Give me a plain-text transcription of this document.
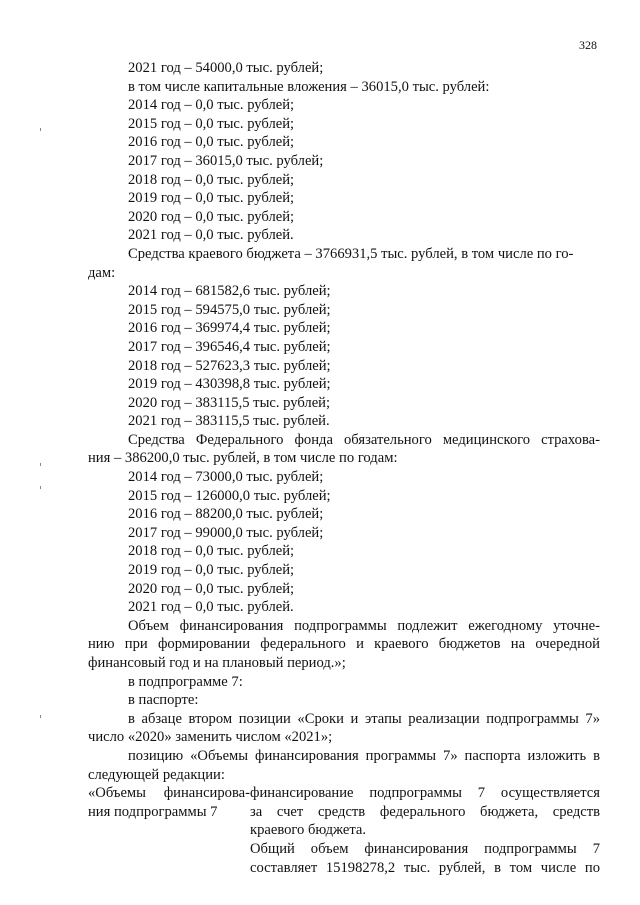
328
2021 год – 54000,0 тыс. рублей;
в том числе капитальные вложения – 36015,0 тыс. рублей:
2014 год – 0,0 тыс. рублей;
2015 год – 0,0 тыс. рублей;
2016 год – 0,0 тыс. рублей;
2017 год – 36015,0 тыс. рублей;
2018 год – 0,0 тыс. рублей;
2019 год – 0,0 тыс. рублей;
2020 год – 0,0 тыс. рублей;
2021 год – 0,0 тыс. рублей.
Средства краевого бюджета – 3766931,5 тыс. рублей, в том числе по го-
дам:
2014 год – 681582,6 тыс. рублей;
2015 год – 594575,0 тыс. рублей;
2016 год – 369974,4 тыс. рублей;
2017 год – 396546,4 тыс. рублей;
2018 год – 527623,3 тыс. рублей;
2019 год – 430398,8 тыс. рублей;
2020 год – 383115,5 тыс. рублей;
2021 год – 383115,5 тыс. рублей.
Средства Федерального фонда обязательного медицинского страхова-
ния – 386200,0 тыс. рублей, в том числе по годам:
2014 год – 73000,0 тыс. рублей;
2015 год – 126000,0 тыс. рублей;
2016 год – 88200,0 тыс. рублей;
2017 год – 99000,0 тыс. рублей;
2018 год – 0,0 тыс. рублей;
2019 год – 0,0 тыс. рублей;
2020 год – 0,0 тыс. рублей;
2021 год – 0,0 тыс. рублей.
Объем финансирования подпрограммы подлежит ежегодному уточне-
нию при формировании федерального и краевого бюджетов на очередной
финансовый год и на плановый период.»;
в подпрограмме 7:
в паспорте:
в абзаце втором позиции «Сроки и этапы реализации подпрограммы 7»
число «2020» заменить числом «2021»;
позицию «Объемы финансирования программы 7» паспорта изложить в
следующей редакции:
«Объемы финансирова-
ния подпрограммы 7
финансирование подпрограммы 7 осуществляется
за счет средств федерального бюджета, средств
краевого бюджета.
Общий объем финансирования подпрограммы 7
составляет 15198278,2 тыс. рублей, в том числе по
